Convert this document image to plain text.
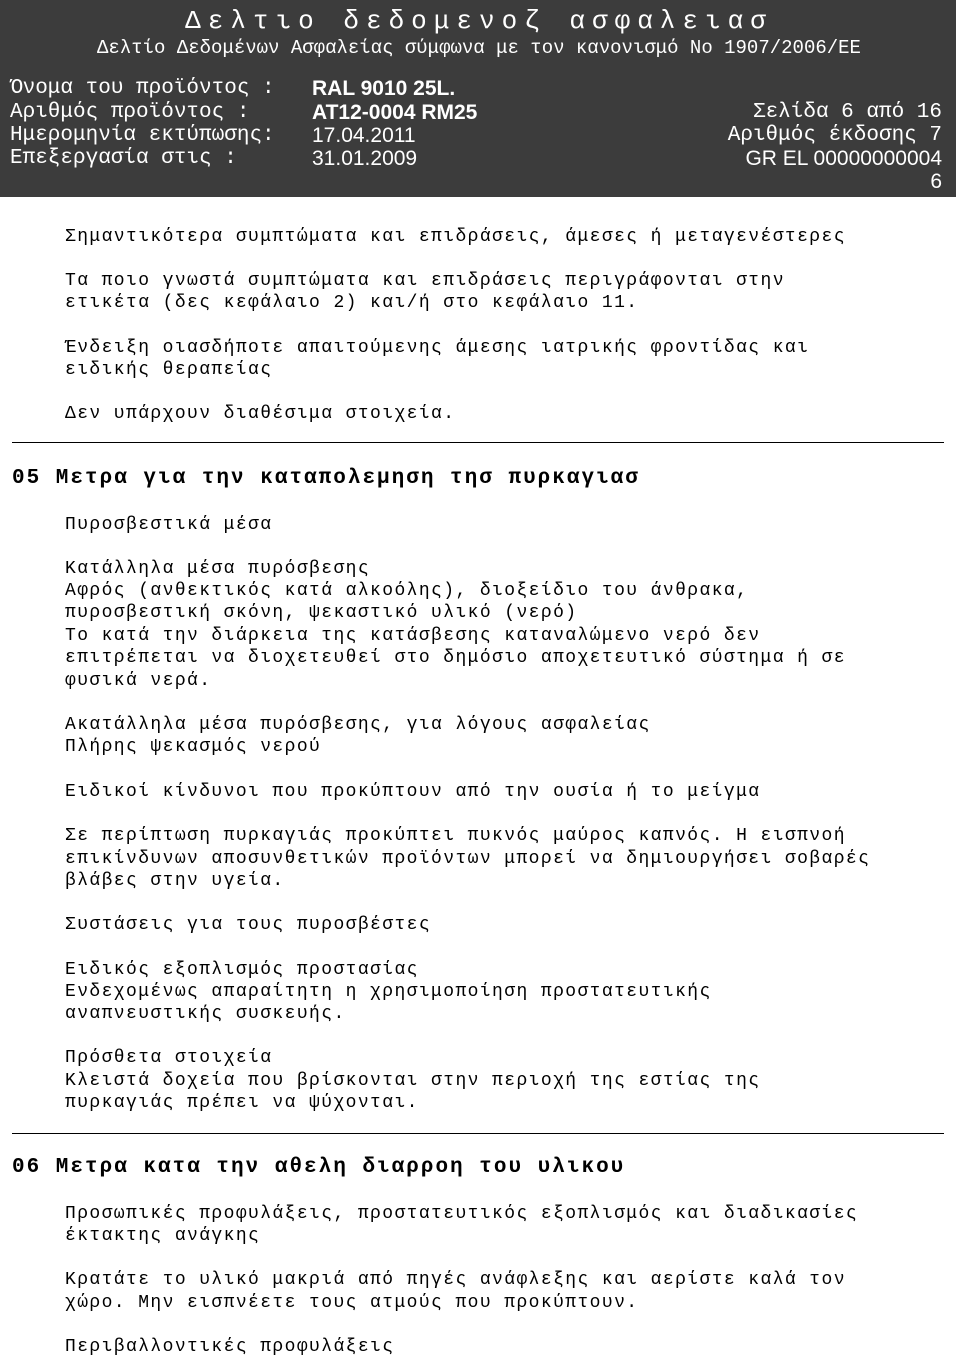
Δελτιο δεδομενοζ ασφαλειασ
Δελτίο Δεδομένων Ασφαλείας σύμφωνα με τον κανονισμό Νο 1907/2006/ΕΕ
Όνομα του προϊόντος : RAL 9010 25L.
Αριθμός προϊόντος :	AT12-0004 RM25	Σελίδα 6 από 16
Ημερομηνία εκτύπωσης: 17.04.2011	Αριθμός έκδοσης 7
Επεξεργασία στις :	31.01.2009	GR EL 00000000004
6
Σημαντικότερα συμπτώματα και επιδράσεις, άμεσες ή μεταγενέστερες
Τα ποιο γνωστά συμπτώματα και επιδράσεις περιγράφονται στην
ετικέτα (δες κεφάλαιο 2) και/ή στο κεφάλαιο 11.
Ένδειξη οιασδήποτε απαιτούμενης άμεσης ιατρικής φροντίδας και
ειδικής θεραπείας
Δεν υπάρχουν διαθέσιμα στοιχεία.
05 Μετρα για την καταπολεμηση τησ πυρκαγιασ
Πυροσβεστικά μέσα
Κατάλληλα μέσα πυρόσβεσης
Αφρός (ανθεκτικός κατά αλκοόλης), διοξείδιο του άνθρακα,
πυροσβεστική σκόνη, ψεκαστικό υλικό (νερό)
Το κατά την διάρκεια της κατάσβεσης καταναλώμενο νερό δεν
επιτρέπεται να διοχετευθεί στο δημόσιο αποχετευτικό σύστημα ή σε
φυσικά νερά.
Ακατάλληλα μέσα πυρόσβεσης, για λόγους ασφαλείας
Πλήρης ψεκασμός νερού
Ειδικοί κίνδυνοι που προκύπτουν από την ουσία ή το μείγμα
Σε περίπτωση πυρκαγιάς προκύπτει πυκνός μαύρος καπνός. Η εισπνοή
επικίνδυνων αποσυνθετικών προϊόντων μπορεί να δημιουργήσει σοβαρές
βλάβες στην υγεία.
Συστάσεις για τους πυροσβέστες
Ειδικός εξοπλισμός προστασίας
Ενδεχομένως απαραίτητη η χρησιμοποίηση προστατευτικής
αναπνευστικής συσκευής.
Πρόσθετα στοιχεία
Κλειστά δοχεία που βρίσκονται στην περιοχή της εστίας της
πυρκαγιάς πρέπει να ψύχονται.
06 Μετρα κατα την αθελη διαρροη του υλικου
Προσωπικές προφυλάξεις, προστατευτικός εξοπλισμός και διαδικασίες
έκτακτης ανάγκης
Κρατάτε το υλικό μακριά από πηγές ανάφλεξης και αερίστε καλά τον
χώρο. Μην εισπνέετε τους ατμούς που προκύπτουν.
Περιβαλλοντικές προφυλάξεις
